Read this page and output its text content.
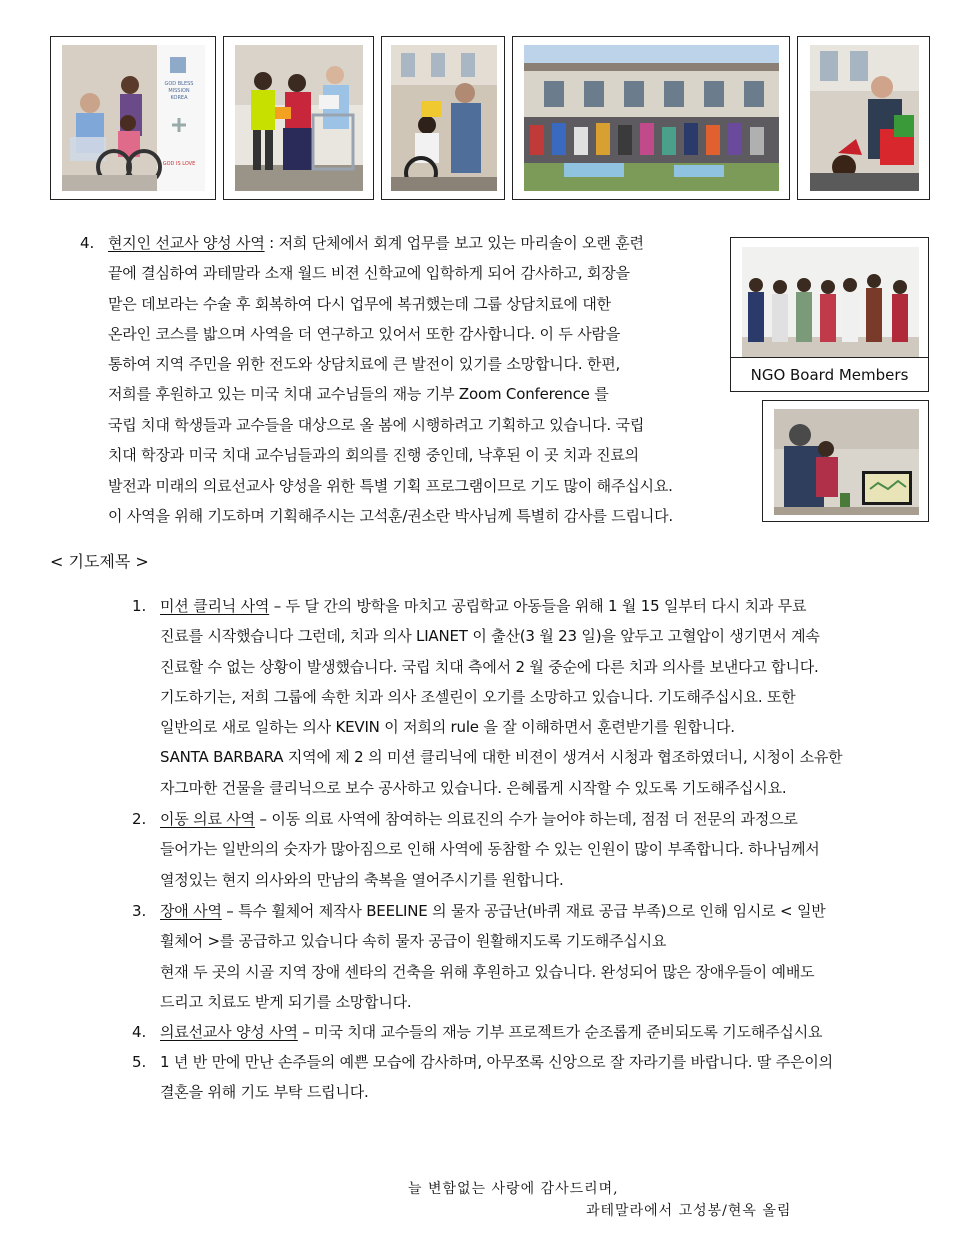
GOD BLESS
MISSION
KOREA
GOD IS LOVE
4. 현지인 선교사 양성 사역 : 저희 단체에서 회계 업무를 보고 있는 마리솔이 오랜 훈련
끝에 결심하여 과테말라 소재 월드 비젼 신학교에 입학하게 되어 감사하고, 회장을
맡은 데보라는 수술 후 회복하여 다시 업무에 복귀했는데 그룹 상담치료에 대한
온라인 코스를 밟으며 사역을 더 연구하고 있어서 또한 감사합니다. 이 두 사람을
통하여 지역 주민을 위한 전도와 상담치료에 큰 발전이 있기를 소망합니다. 한편,
저희를 후원하고 있는 미국 치대 교수님들의 재능 기부 Zoom Conference 를
국립 치대 학생들과 교수들을 대상으로 올 봄에 시행하려고 기획하고 있습니다. 국립
치대 학장과 미국 치대 교수님들과의 회의를 진행 중인데, 낙후된 이 곳 치과 진료의
발전과 미래의 의료선교사 양성을 위한 특별 기획 프로그램이므로 기도 많이 해주십시요.
이 사역을 위해 기도하며 기획해주시는 고석훈/권소란 박사님께 특별히 감사를 드립니다.
NGO Board Members
< 기도제목 >
1. 미션 클리닉 사역 – 두 달 간의 방학을 마치고 공립학교 아동들을 위해 1 월 15 일부터 다시 치과 무료
진료를 시작했습니다 그런데, 치과 의사 LIANET 이 출산(3 월 23 일)을 앞두고 고혈압이 생기면서 계속
진료할 수 없는 상황이 발생했습니다. 국립 치대 측에서 2 월 중순에 다른 치과 의사를 보낸다고 합니다.
기도하기는, 저희 그룹에 속한 치과 의사 조셀린이 오기를 소망하고 있습니다. 기도해주십시요. 또한
일반의로 새로 일하는 의사 KEVIN 이 저희의 rule 을 잘 이해하면서 훈련받기를 원합니다.
SANTA BARBARA 지역에 제 2 의 미션 클리닉에 대한 비젼이 생겨서 시청과 협조하였더니, 시청이 소유한
자그마한 건물을 클리닉으로 보수 공사하고 있습니다. 은혜롭게 시작할 수 있도록 기도해주십시요.
2. 이동 의료 사역 – 이동 의료 사역에 참여하는 의료진의 수가 늘어야 하는데, 점점 더 전문의 과정으로
들어가는 일반의의 숫자가 많아짐으로 인해 사역에 동참할 수 있는 인원이 많이 부족합니다. 하나님께서
열정있는 현지 의사와의 만남의 축복을 열어주시기를 원합니다.
3. 장애 사역 – 특수 휠체어 제작사 BEELINE 의 물자 공급난(바퀴 재료 공급 부족)으로 인해 임시로 < 일반
휠체어 >를 공급하고 있습니다 속히 물자 공급이 원활해지도록 기도해주십시요
현재 두 곳의 시골 지역 장애 센타의 건축을 위해 후원하고 있습니다. 완성되어 많은 장애우들이 예배도
드리고 치료도 받게 되기를 소망합니다.
4. 의료선교사 양성 사역 – 미국 치대 교수들의 재능 기부 프로젝트가 순조롭게 준비되도록 기도해주십시요
5. 1 년 반 만에 만난 손주들의 예쁜 모습에 감사하며, 아무쪼록 신앙으로 잘 자라기를 바랍니다. 딸 주은이의
결혼을 위해 기도 부탁 드립니다.
늘 변함없는 사랑에 감사드리며,
과테말라에서 고성봉/현옥 올림
